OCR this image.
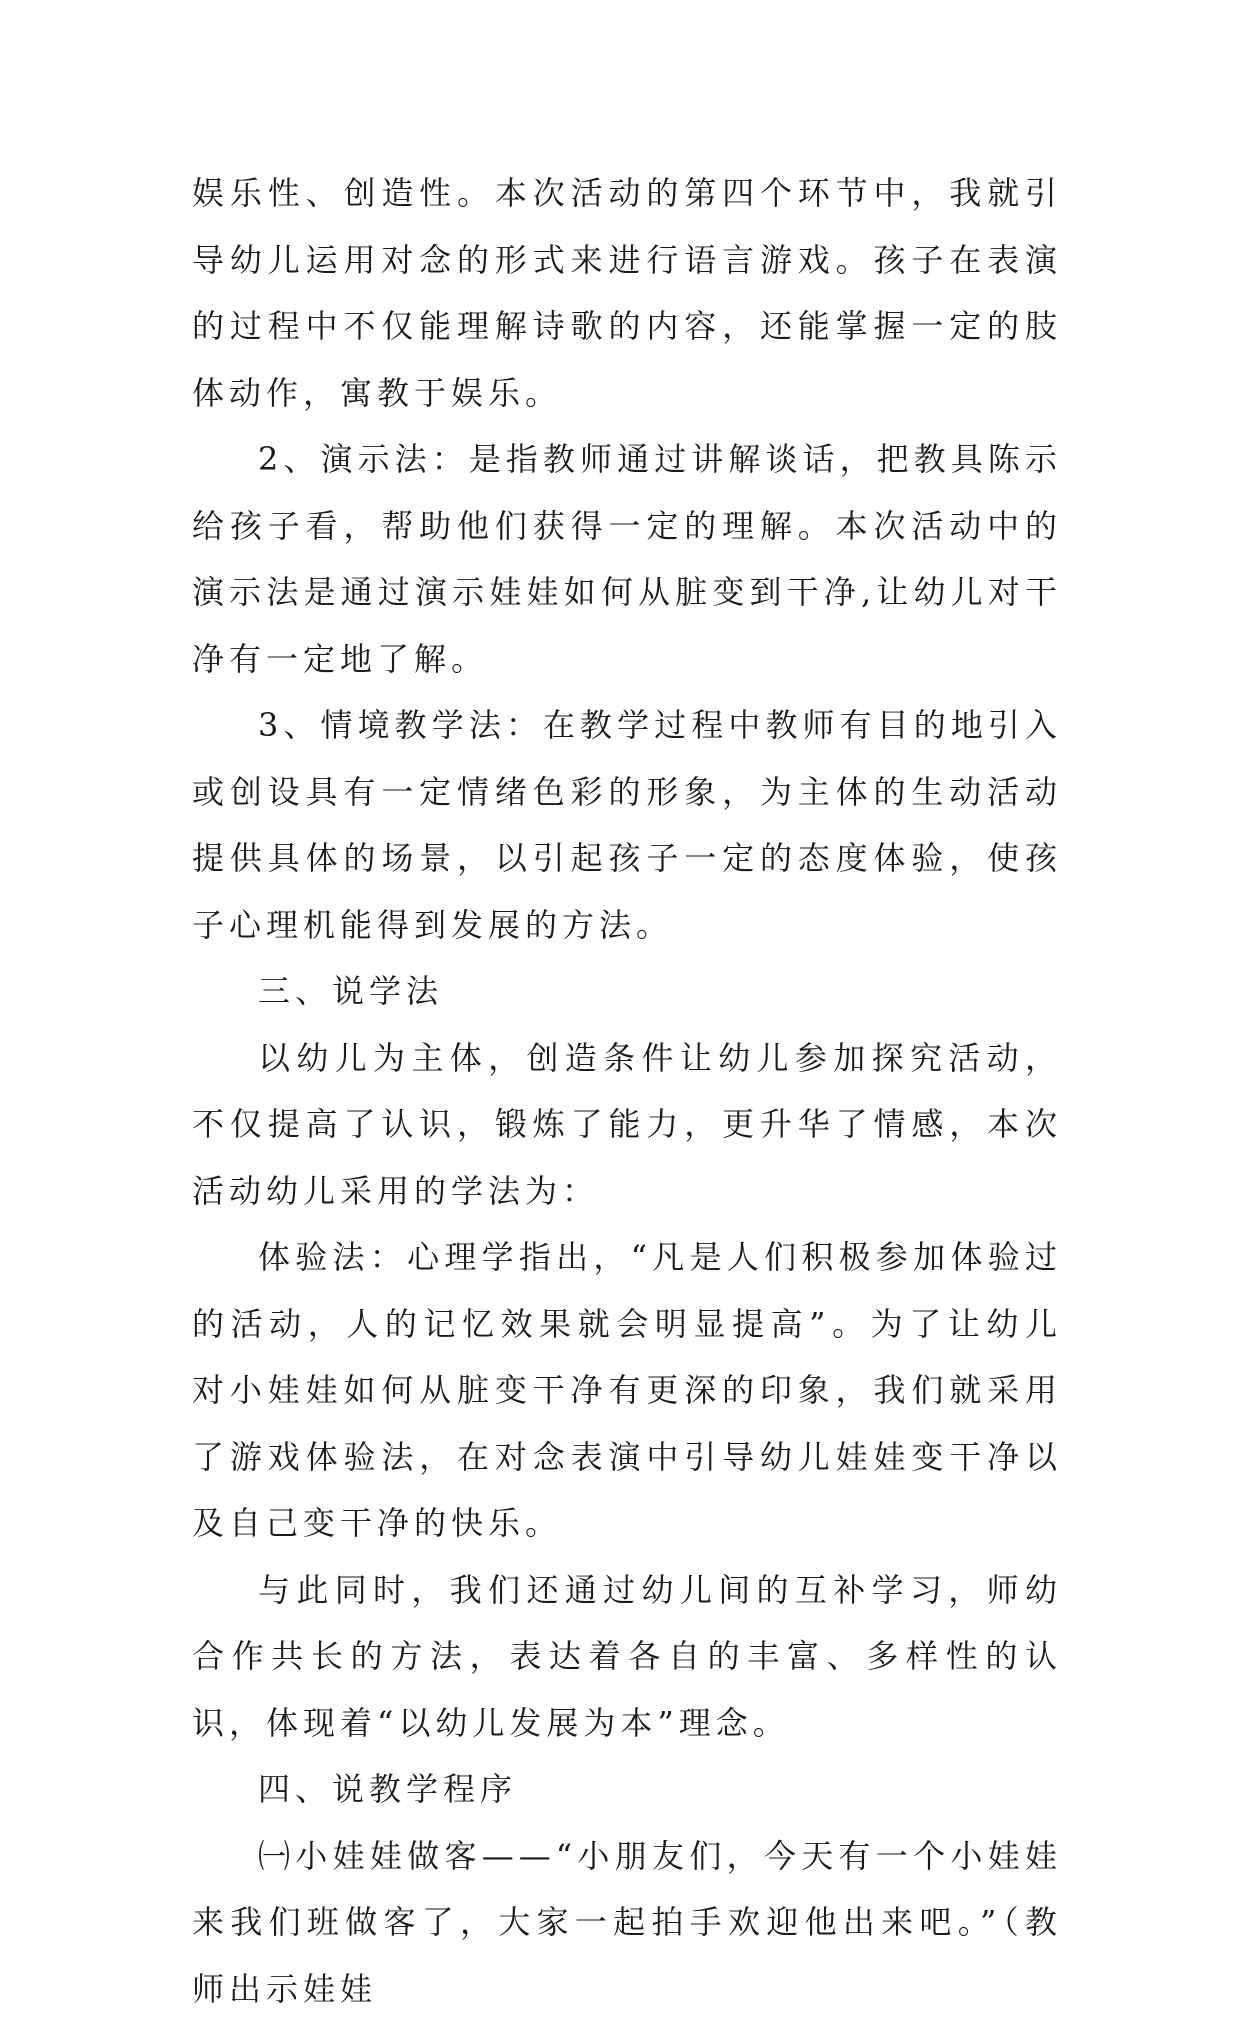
娱乐性、创造性。本次活动的第四个环节中，我就引导幼儿运用对念的形式来进行语言游戏。孩子在表演的过程中不仅能理解诗歌的内容，还能掌握一定的肢体动作，寓教于娱乐。

2、演示法：是指教师通过讲解谈话，把教具陈示给孩子看，帮助他们获得一定的理解。本次活动中的演示法是通过演示娃娃如何从脏变到干净,让幼儿对干净有一定地了解。

3、情境教学法：在教学过程中教师有目的地引入或创设具有一定情绪色彩的形象，为主体的生动活动提供具体的场景，以引起孩子一定的态度体验，使孩子心理机能得到发展的方法。

三、说学法

以幼儿为主体，创造条件让幼儿参加探究活动，不仅提高了认识，锻炼了能力，更升华了情感，本次活动幼儿采用的学法为：

体验法：心理学指出，“凡是人们积极参加体验过的活动，人的记忆效果就会明显提高”。为了让幼儿对小娃娃如何从脏变干净有更深的印象，我们就采用了游戏体验法，在对念表演中引导幼儿娃娃变干净以及自己变干净的快乐。

与此同时，我们还通过幼儿间的互补学习，师幼合作共长的方法，表达着各自的丰富、多样性的认识，体现着“以幼儿发展为本”理念。

四、说教学程序

㈠小娃娃做客——“小朋友们，今天有一个小娃娃来我们班做客了，大家一起拍手欢迎他出来吧。”（教师出示娃娃
